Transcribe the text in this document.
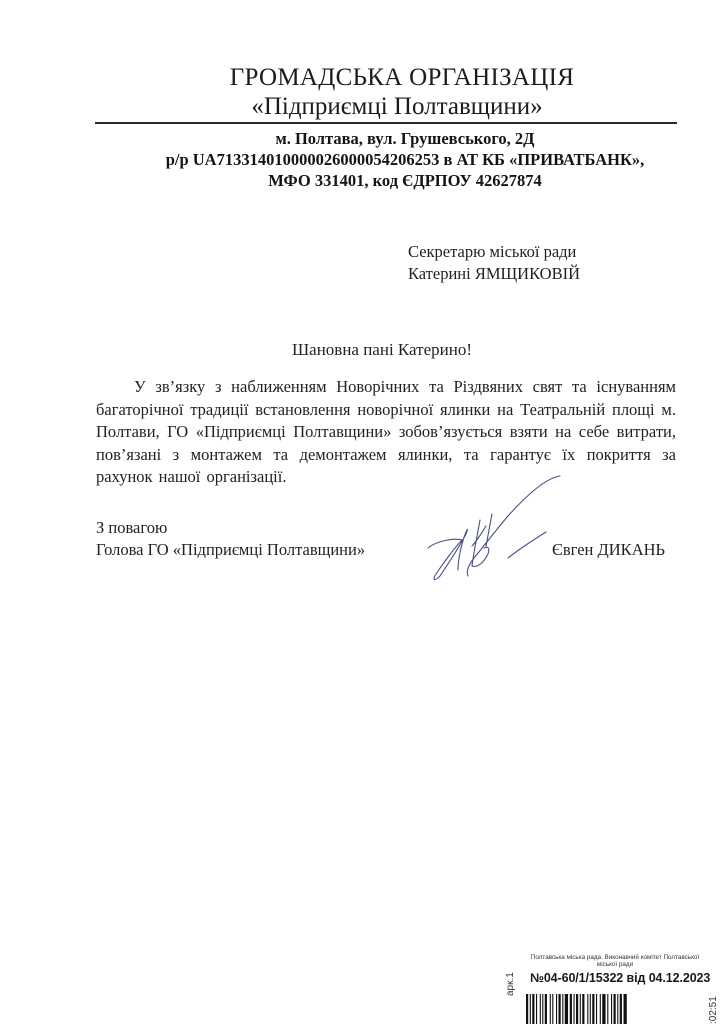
ГРОМАДСЬКА ОРГАНІЗАЦІЯ
«Підприємці Полтавщини»
м. Полтава, вул. Грушевського, 2Д
р/р UA713314010000026000054206253 в АТ КБ «ПРИВАТБАНК»,
МФО 331401, код ЄДРПОУ 42627874
Секретарю міської ради
Катерині ЯМЩИКОВІЙ
Шановна пані Катерино!
У зв’язку з наближенням Новорічних та Різдвяних свят та існуванням багаторічної традиції встановлення новорічної ялинки на Театральній площі м. Полтави, ГО «Підприємці Полтавщини» зобов’язується взяти на себе витрати, пов’язані з монтажем та демонтажем ялинки, та гарантує їх покриття за рахунок нашої організації.
З повагою
Голова ГО «Підприємці Полтавщини»	Євген ДИКАНЬ
Полтавська міська рада. Виконавчий комітет Полтавської міської ради
№04-60/1/15322 від 04.12.2023
арк.1
:02:51
